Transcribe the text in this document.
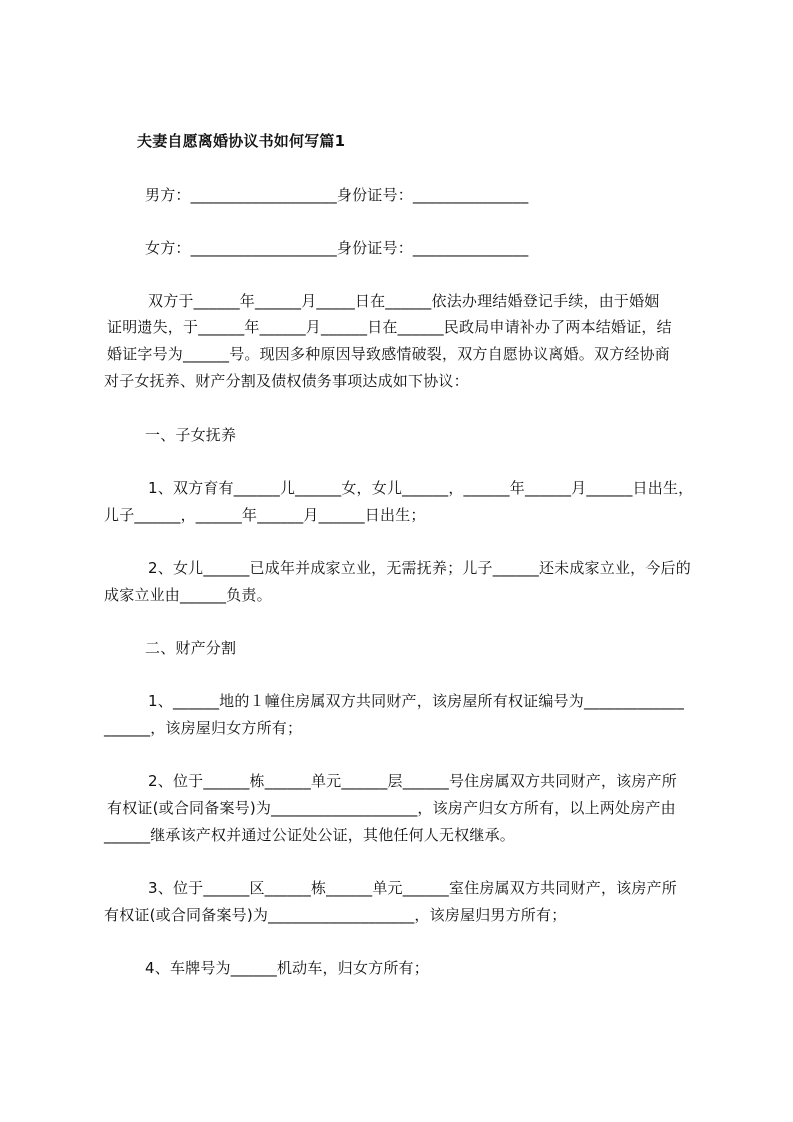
夫妻自愿离婚协议书如何写篇1
男方：___________________身份证号：_______________
女方：___________________身份证号：_______________
双方于______年______月_____日在______依法办理结婚登记手续，由于婚姻
证明遗失，于______年______月______日在______民政局申请补办了两本结婚证，结
婚证字号为______号。现因多种原因导致感情破裂，双方自愿协议离婚。双方经协商
对子女抚养、财产分割及债权债务事项达成如下协议：
一、子女抚养
1、双方育有______儿______女，女儿______，______年______月______日出生，
儿子______，______年______月______日出生；
2、女儿______已成年并成家立业，无需抚养；儿子______还未成家立业，今后的
成家立业由______负责。
二、财产分割
1、______地的１幢住房属双方共同财产，该房屋所有权证编号为_____________
______，该房屋归女方所有；
2、位于______栋______单元______层______号住房属双方共同财产，该房产所
有权证(或合同备案号)为___________________，该房产归女方所有，以上两处房产由
______继承该产权并通过公证处公证，其他任何人无权继承。
3、位于______区______栋______单元______室住房属双方共同财产，该房产所
有权证(或合同备案号)为___________________，该房屋归男方所有；
4、车牌号为______机动车，归女方所有；
